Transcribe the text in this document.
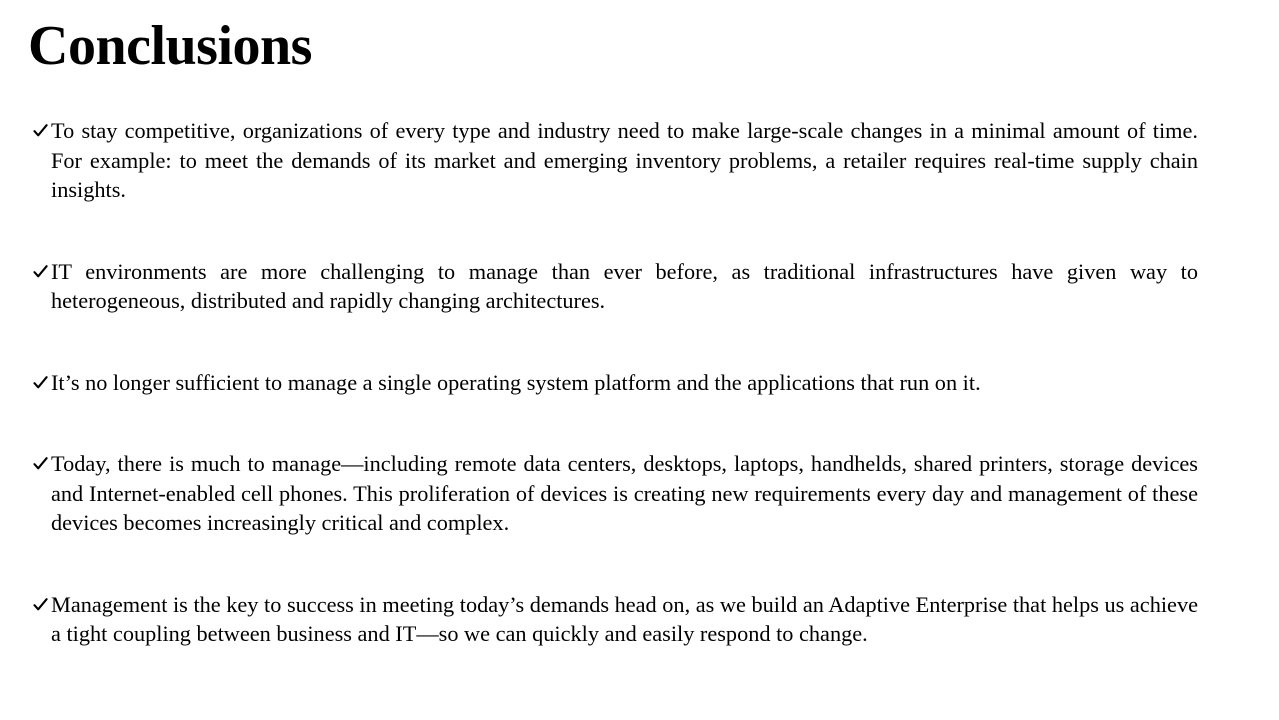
Conclusions
To stay competitive, organizations of every type and industry need to make large-scale changes in a minimal amount of time. For example: to meet the demands of its market and emerging inventory problems, a retailer requires real-time supply chain insights.
IT environments are more challenging to manage than ever before, as traditional infrastructures have given way to heterogeneous, distributed and rapidly changing architectures.
It’s no longer sufficient to manage a single operating system platform and the applications that run on it.
Today, there is much to manage—including remote data centers, desktops, laptops, handhelds, shared printers, storage devices and Internet-enabled cell phones. This proliferation of devices is creating new requirements every day and management of these devices becomes increasingly critical and complex.
Management is the key to success in meeting today’s demands head on, as we build an Adaptive Enterprise that helps us achieve a tight coupling between business and IT—so we can quickly and easily respond to change.
